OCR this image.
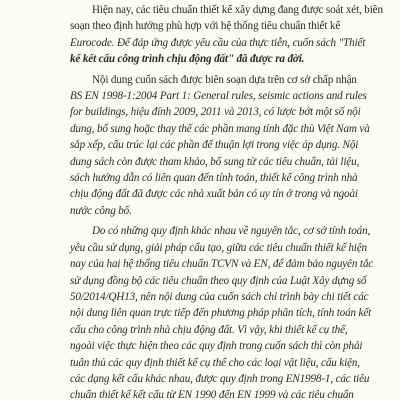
Hiện nay, các tiêu chuẩn thiết kế xây dựng đang được soát xét, biên
soạn theo định hướng phù hợp với hệ thống tiêu chuẩn thiết kế
Eurocode. Để đáp ứng được yêu cầu của thực tiễn, cuốn sách "Thiết
kế kết cấu công trình chịu động đất" đã được ra đời.

Nội dung cuốn sách được biên soạn dựa trên cơ sở chấp nhận
BS EN 1998-1:2004 Part 1: General rules, seismic actions and rules
for buildings, hiệu đính 2009, 2011 và 2013, có lược bớt một số nội
dung, bổ sung hoặc thay thế các phần mang tính đặc thù Việt Nam và
sắp xếp, cấu trúc lại các phần để thuận lợi trong việc áp dụng. Nội
dung sách còn được tham khảo, bổ sung từ các tiêu chuẩn, tài liệu,
sách hướng dẫn có liên quan đến tính toán, thiết kế công trình nhà
chịu động đất đã được các nhà xuất bản có uy tín ở trong và ngoài
nước công bố.

Do có những quy định khác nhau về nguyên tắc, cơ sở tính toán,
yêu cầu sử dụng, giải pháp cấu tạo, giữa các tiêu chuẩn thiết kế hiện
nay của hai hệ thống tiêu chuẩn TCVN và EN, để đảm bảo nguyên tắc
sử dụng đồng bộ các tiêu chuẩn theo quy định của Luật Xây dựng số
50/2014/QH13, nên nội dung của cuốn sách chỉ trình bày chi tiết các
nội dung liên quan trực tiếp đến phương pháp phân tích, tính toán kết
cấu cho công trình nhà chịu động đất. Vì vậy, khi thiết kế cụ thể,
ngoài việc thực hiện theo các quy định trong cuốn sách thì còn phải
tuân thủ các quy định thiết kế cụ thể cho các loại vật liệu, cấu kiện,
các dạng kết cấu khác nhau, được quy định trong EN1998-1, các tiêu
chuẩn thiết kế kết cấu từ EN 1990 đến EN 1999 và các tiêu chuẩn
